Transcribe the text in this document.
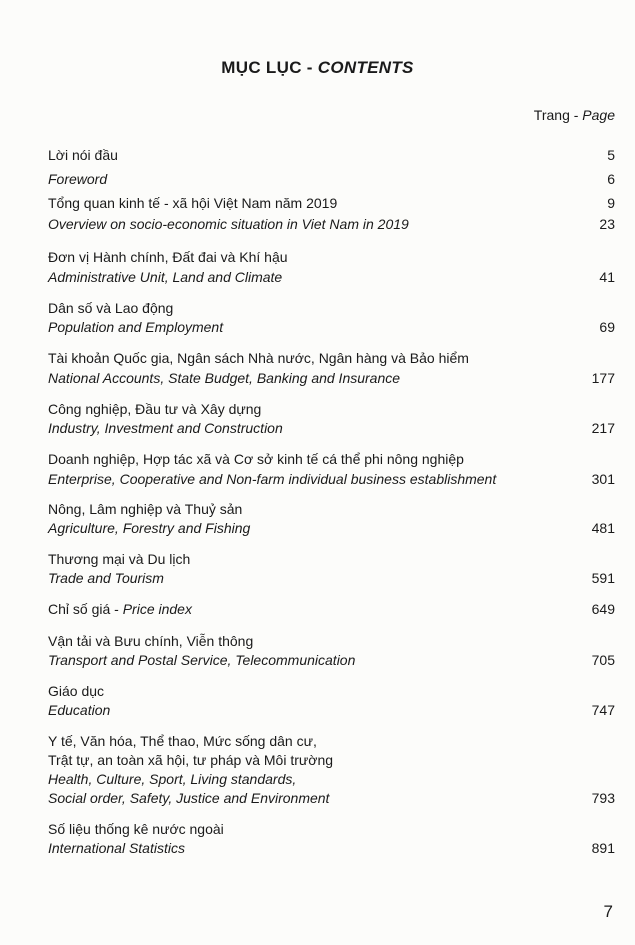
MỤC LỤC - CONTENTS
Trang - Page
Lời nói đầu	5
Foreword	6
Tổng quan kinh tế - xã hội Việt Nam năm 2019	9
Overview on socio-economic situation in Viet Nam in 2019	23
Đơn vị Hành chính, Đất đai và Khí hậu
Administrative Unit, Land and Climate	41
Dân số và Lao động
Population and Employment	69
Tài khoản Quốc gia, Ngân sách Nhà nước, Ngân hàng và Bảo hiểm
National Accounts, State Budget, Banking and Insurance	177
Công nghiệp, Đầu tư và Xây dựng
Industry, Investment and Construction	217
Doanh nghiệp, Hợp tác xã và Cơ sở kinh tế cá thể phi nông nghiệp
Enterprise, Cooperative and Non-farm individual business establishment	301
Nông, Lâm nghiệp và Thuỷ sản
Agriculture, Forestry and Fishing	481
Thương mại và Du lịch
Trade and Tourism	591
Chỉ số giá - Price index	649
Vận tải và Bưu chính, Viễn thông
Transport and Postal Service, Telecommunication	705
Giáo dục
Education	747
Y tế, Văn hóa, Thể thao, Mức sống dân cư,
Trật tự, an toàn xã hội, tư pháp và Môi trường
Health, Culture, Sport, Living standards,
Social order, Safety, Justice and Environment	793
Số liệu thống kê nước ngoài
International Statistics	891
7
